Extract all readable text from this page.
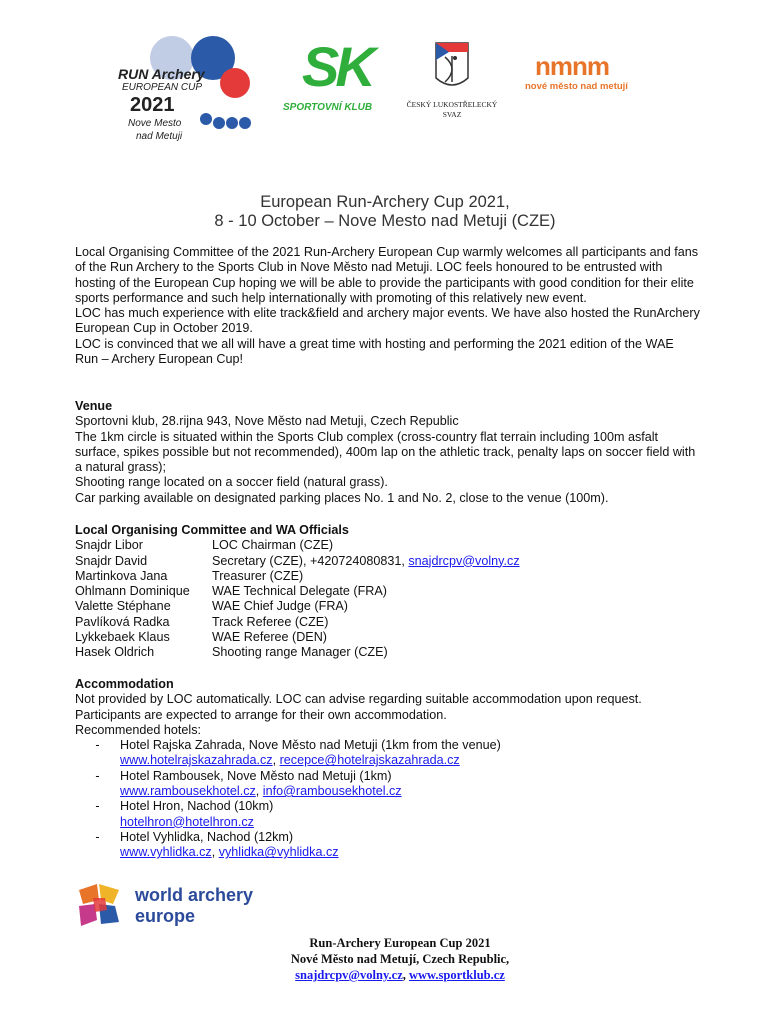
RUN Archery
EUROPEAN CUP
2021
Nove Mesto
nad Metuji
SK
SPORTOVNÍ KLUB	ČESKÝ LUKOSTŘELECKÝ
SVAZ
nmnm
nové město nad metují
European Run-Archery Cup 2021,
8 - 10 October – Nove Mesto nad Metuji (CZE)

Local Organising Committee of the 2021 Run-Archery European Cup warmly welcomes all participants and fans of the Run Archery to the Sports Club in Nove Město nad Metuji. LOC feels honoured to be entrusted with hosting of the European Cup hoping we will be able to provide the participants with good condition for their elite sports performance and such help internationally with promoting of this relatively new event.

LOC has much experience with elite track&field and archery major events. We have also hosted the RunArchery European Cup in October 2019.

LOC is convinced that we all will have a great time with hosting and performing the 2021 edition of the WAE Run – Archery European Cup!

Venue

Sportovni klub, 28.rijna 943, Nove Město nad Metuji, Czech Republic

The 1km circle is situated within the Sports Club complex (cross-country flat terrain including 100m asfalt surface, spikes possible but not recommended), 400m lap on the athletic track, penalty laps on soccer field with a natural grass);

Shooting range located on a soccer field (natural grass).

Car parking available on designated parking places No. 1 and No. 2, close to the venue (100m).

Local Organising Committee and WA Officials

Snajdr Libor	LOC Chairman (CZE)
Snajdr David	Secretary (CZE), +420724080831, snajdrcpv@volny.cz
Martinkova Jana	Treasurer (CZE)
Ohlmann Dominique	WAE Technical Delegate (FRA)
Valette Stéphane	WAE Chief Judge (FRA)
Pavlíková Radka	Track Referee (CZE)
Lykkebaek Klaus	WAE Referee (DEN)
Hasek Oldrich	Shooting range Manager (CZE)

Accommodation

Not provided by LOC automatically. LOC can advise regarding suitable accommodation upon request. Participants are expected to arrange for their own accommodation.

Recommended hotels:

-	Hotel Rajska Zahrada, Nove Město nad Metuji (1km from the venue)
www.hotelrajskazahrada.cz, recepce@hotelrajskazahrada.cz
-	Hotel Rambousek, Nove Město nad Metuji (1km)
www.rambousekhotel.cz, info@rambousekhotel.cz
-	Hotel Hron, Nachod (10km)
hotelhron@hotelhron.cz
-	Hotel Vyhlidka, Nachod (12km)
www.vyhlidka.cz, vyhlidka@vyhlidka.cz
world archery
europe
Run-Archery European Cup 2021
Nové Město nad Metují, Czech Republic,
snajdrcpv@volny.cz, www.sportklub.cz
